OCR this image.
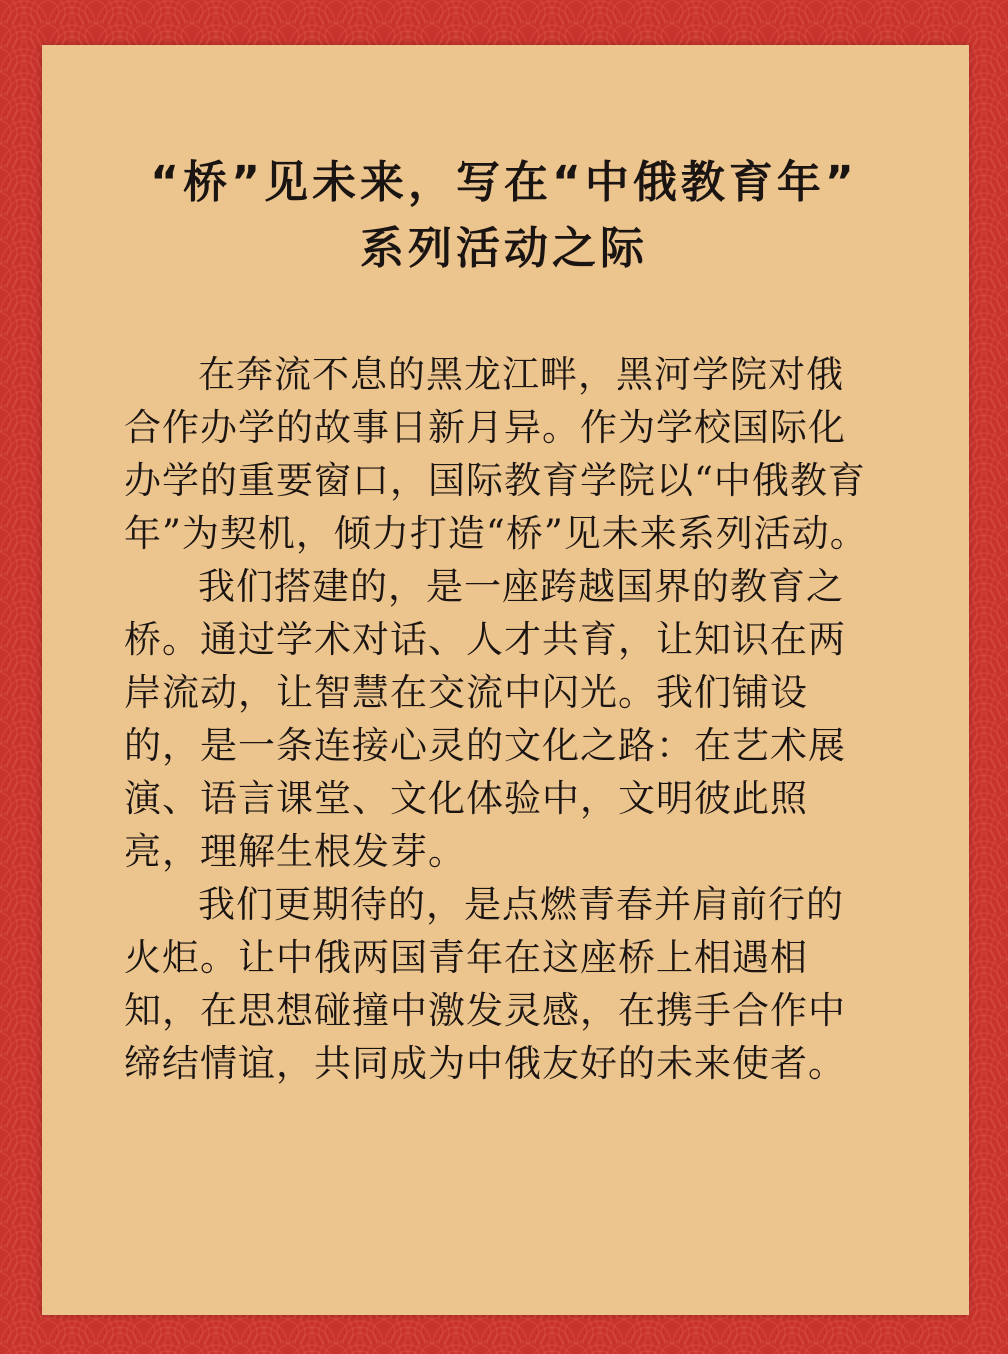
“桥”见未来，写在“中俄教育年”
系列活动之际

在奔流不息的黑龙江畔，黑河学院对俄合作办学的故事日新月异。作为学校国际化办学的重要窗口，国际教育学院以“中俄教育年”为契机，倾力打造“桥”见未来系列活动。

我们搭建的，是一座跨越国界的教育之桥。通过学术对话、人才共育，让知识在两岸流动，让智慧在交流中闪光。我们铺设的，是一条连接心灵的文化之路：在艺术展演、语言课堂、文化体验中，文明彼此照亮，理解生根发芽。

我们更期待的，是点燃青春并肩前行的火炬。让中俄两国青年在这座桥上相遇相知，在思想碰撞中激发灵感，在携手合作中缔结情谊，共同成为中俄友好的未来使者。
